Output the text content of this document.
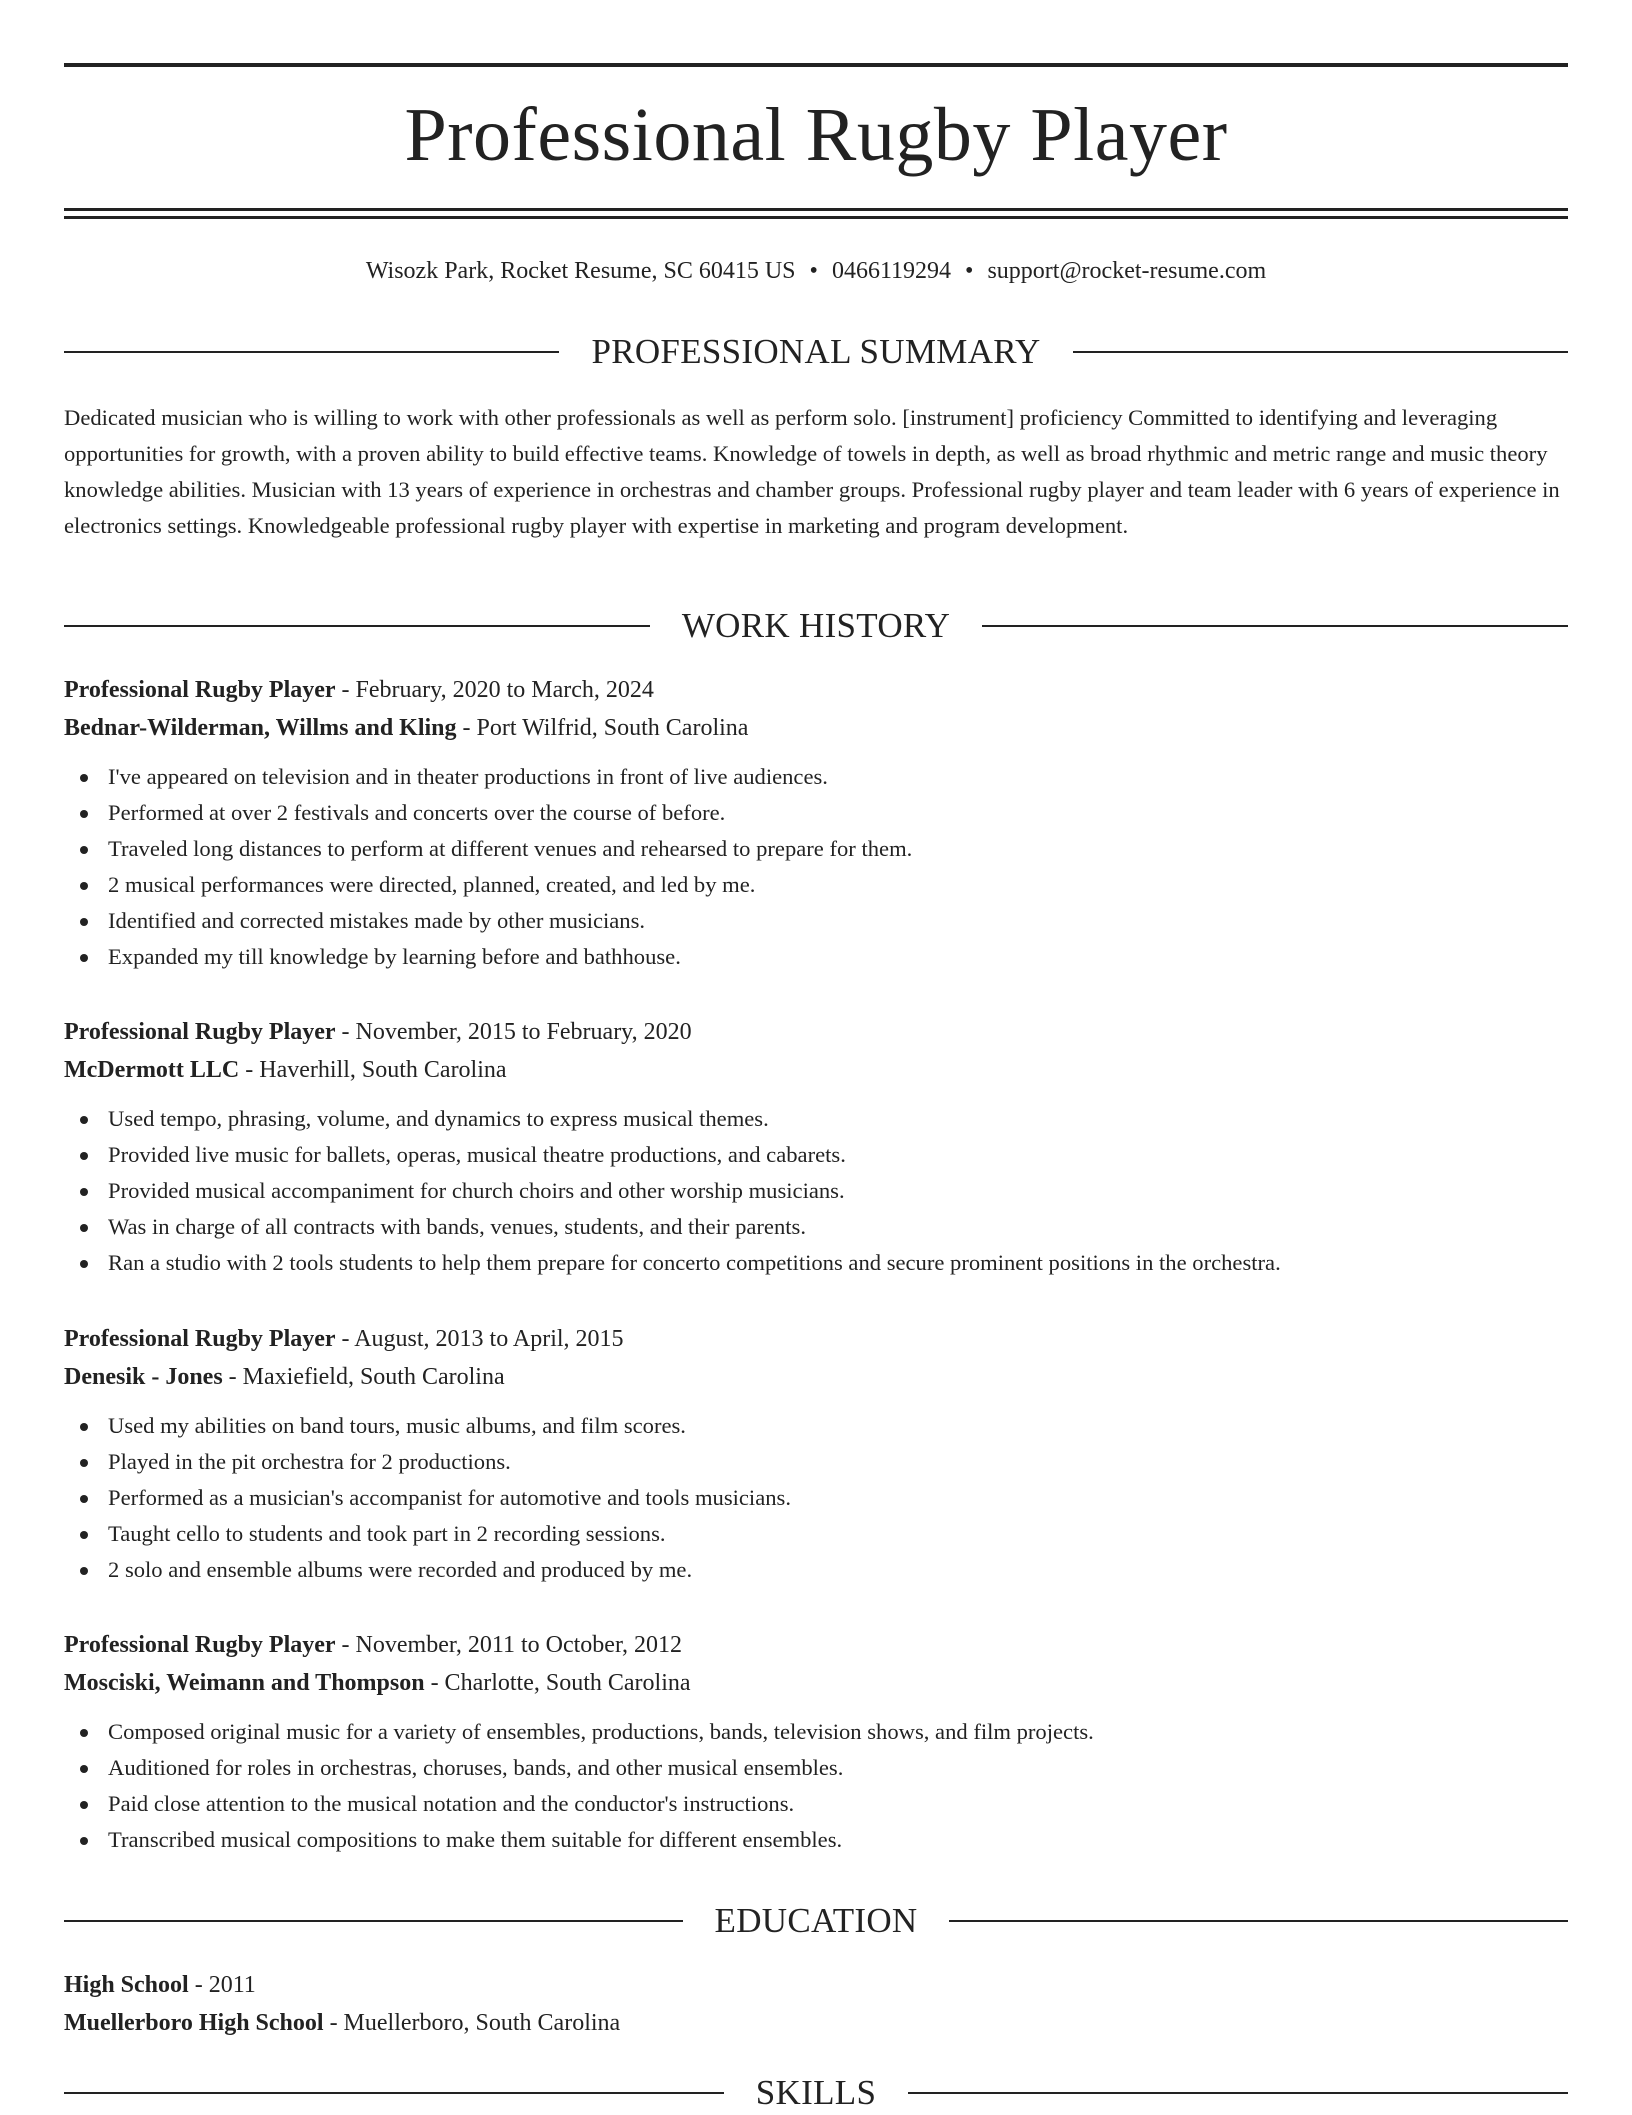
Professional Rugby Player
Wisozk Park, Rocket Resume, SC 60415 US • 0466119294 • support@rocket-resume.com
PROFESSIONAL SUMMARY

Dedicated musician who is willing to work with other professionals as well as perform solo. [instrument] proficiency Committed to identifying and leveraging opportunities for growth, with a proven ability to build effective teams. Knowledge of towels in depth, as well as broad rhythmic and metric range and music theory knowledge abilities. Musician with 13 years of experience in orchestras and chamber groups. Professional rugby player and team leader with 6 years of experience in electronics settings. Knowledgeable professional rugby player with expertise in marketing and program development.

WORK HISTORY
Professional Rugby Player - February, 2020 to March, 2024
Bednar-Wilderman, Willms and Kling - Port Wilfrid, South Carolina
I've appeared on television and in theater productions in front of live audiences.
Performed at over 2 festivals and concerts over the course of before.
Traveled long distances to perform at different venues and rehearsed to prepare for them.
2 musical performances were directed, planned, created, and led by me.
Identified and corrected mistakes made by other musicians.
Expanded my till knowledge by learning before and bathhouse.
Professional Rugby Player - November, 2015 to February, 2020
McDermott LLC - Haverhill, South Carolina
Used tempo, phrasing, volume, and dynamics to express musical themes.
Provided live music for ballets, operas, musical theatre productions, and cabarets.
Provided musical accompaniment for church choirs and other worship musicians.
Was in charge of all contracts with bands, venues, students, and their parents.
Ran a studio with 2 tools students to help them prepare for concerto competitions and secure prominent positions in the orchestra.
Professional Rugby Player - August, 2013 to April, 2015
Denesik - Jones - Maxiefield, South Carolina
Used my abilities on band tours, music albums, and film scores.
Played in the pit orchestra for 2 productions.
Performed as a musician's accompanist for automotive and tools musicians.
Taught cello to students and took part in 2 recording sessions.
2 solo and ensemble albums were recorded and produced by me.
Professional Rugby Player - November, 2011 to October, 2012
Mosciski, Weimann and Thompson - Charlotte, South Carolina
Composed original music for a variety of ensembles, productions, bands, television shows, and film projects.
Auditioned for roles in orchestras, choruses, bands, and other musical ensembles.
Paid close attention to the musical notation and the conductor's instructions.
Transcribed musical compositions to make them suitable for different ensembles.
EDUCATION
High School - 2011
Muellerboro High School - Muellerboro, South Carolina
SKILLS
